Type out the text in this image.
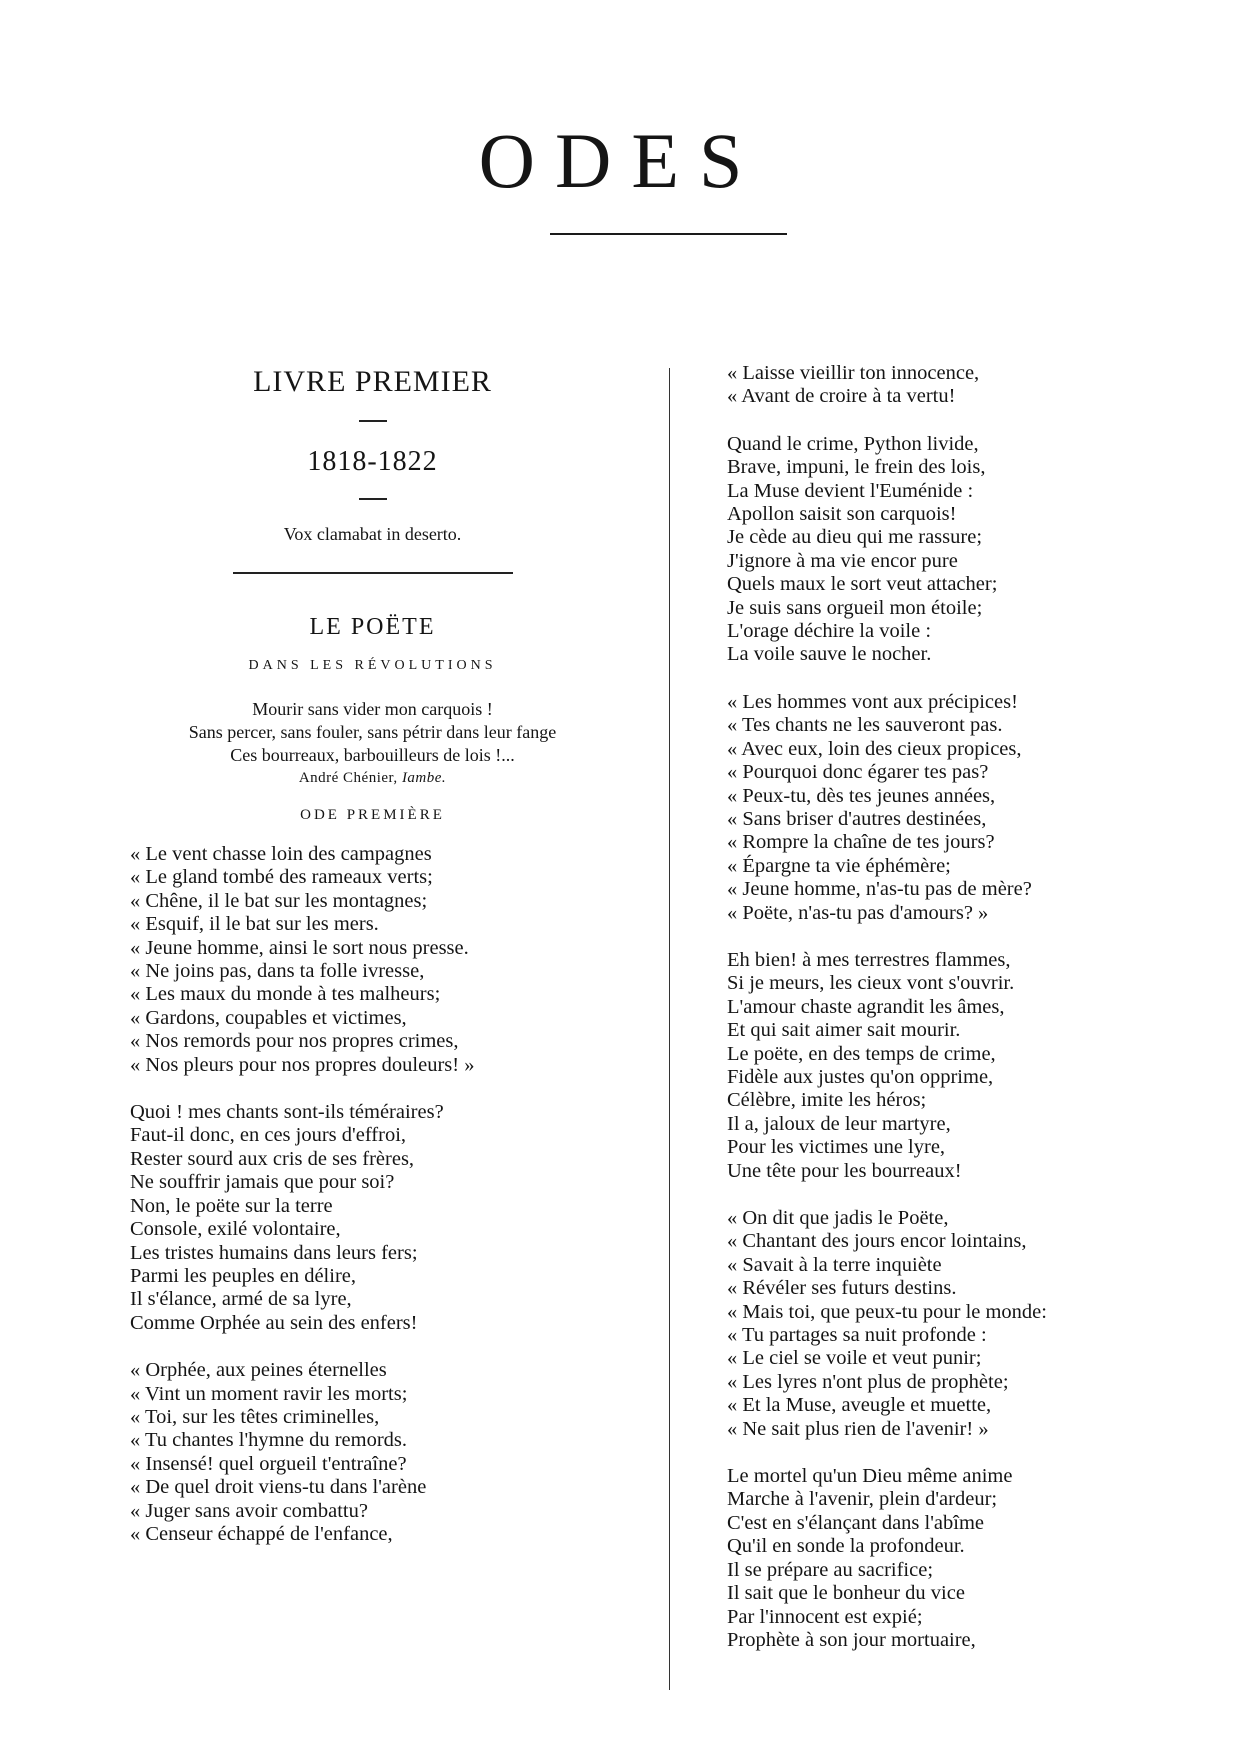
ODES
LIVRE PREMIER
1818-1822
Vox clamabat in deserto.
LE POËTE
DANS LES RÉVOLUTIONS
Mourir sans vider mon carquois !
Sans percer, sans fouler, sans pétrir dans leur fange
Ces bourreaux, barbouilleurs de lois !...
André Chénier, Iambe.
ODE PREMIÈRE
« Le vent chasse loin des campagnes
« Le gland tombé des rameaux verts;
« Chêne, il le bat sur les montagnes;
« Esquif, il le bat sur les mers.
« Jeune homme, ainsi le sort nous presse.
« Ne joins pas, dans ta folle ivresse,
« Les maux du monde à tes malheurs;
« Gardons, coupables et victimes,
« Nos remords pour nos propres crimes,
« Nos pleurs pour nos propres douleurs! »
Quoi ! mes chants sont-ils téméraires?
Faut-il donc, en ces jours d'effroi,
Rester sourd aux cris de ses frères,
Ne souffrir jamais que pour soi?
Non, le poëte sur la terre
Console, exilé volontaire,
Les tristes humains dans leurs fers;
Parmi les peuples en délire,
Il s'élance, armé de sa lyre,
Comme Orphée au sein des enfers!
« Orphée, aux peines éternelles
« Vint un moment ravir les morts;
« Toi, sur les têtes criminelles,
« Tu chantes l'hymne du remords.
« Insensé! quel orgueil t'entraîne?
« De quel droit viens-tu dans l'arène
« Juger sans avoir combattu?
« Censeur échappé de l'enfance,
« Laisse vieillir ton innocence,
« Avant de croire à ta vertu!
Quand le crime, Python livide,
Brave, impuni, le frein des lois,
La Muse devient l'Euménide :
Apollon saisit son carquois!
Je cède au dieu qui me rassure;
J'ignore à ma vie encor pure
Quels maux le sort veut attacher;
Je suis sans orgueil mon étoile;
L'orage déchire la voile :
La voile sauve le nocher.
« Les hommes vont aux précipices!
« Tes chants ne les sauveront pas.
« Avec eux, loin des cieux propices,
« Pourquoi donc égarer tes pas?
« Peux-tu, dès tes jeunes années,
« Sans briser d'autres destinées,
« Rompre la chaîne de tes jours?
« Épargne ta vie éphémère;
« Jeune homme, n'as-tu pas de mère?
« Poëte, n'as-tu pas d'amours? »
Eh bien! à mes terrestres flammes,
Si je meurs, les cieux vont s'ouvrir.
L'amour chaste agrandit les âmes,
Et qui sait aimer sait mourir.
Le poëte, en des temps de crime,
Fidèle aux justes qu'on opprime,
Célèbre, imite les héros;
Il a, jaloux de leur martyre,
Pour les victimes une lyre,
Une tête pour les bourreaux!
« On dit que jadis le Poëte,
« Chantant des jours encor lointains,
« Savait à la terre inquiète
« Révéler ses futurs destins.
« Mais toi, que peux-tu pour le monde:
« Tu partages sa nuit profonde :
« Le ciel se voile et veut punir;
« Les lyres n'ont plus de prophète;
« Et la Muse, aveugle et muette,
« Ne sait plus rien de l'avenir! »
Le mortel qu'un Dieu même anime
Marche à l'avenir, plein d'ardeur;
C'est en s'élançant dans l'abîme
Qu'il en sonde la profondeur.
Il se prépare au sacrifice;
Il sait que le bonheur du vice
Par l'innocent est expié;
Prophète à son jour mortuaire,
